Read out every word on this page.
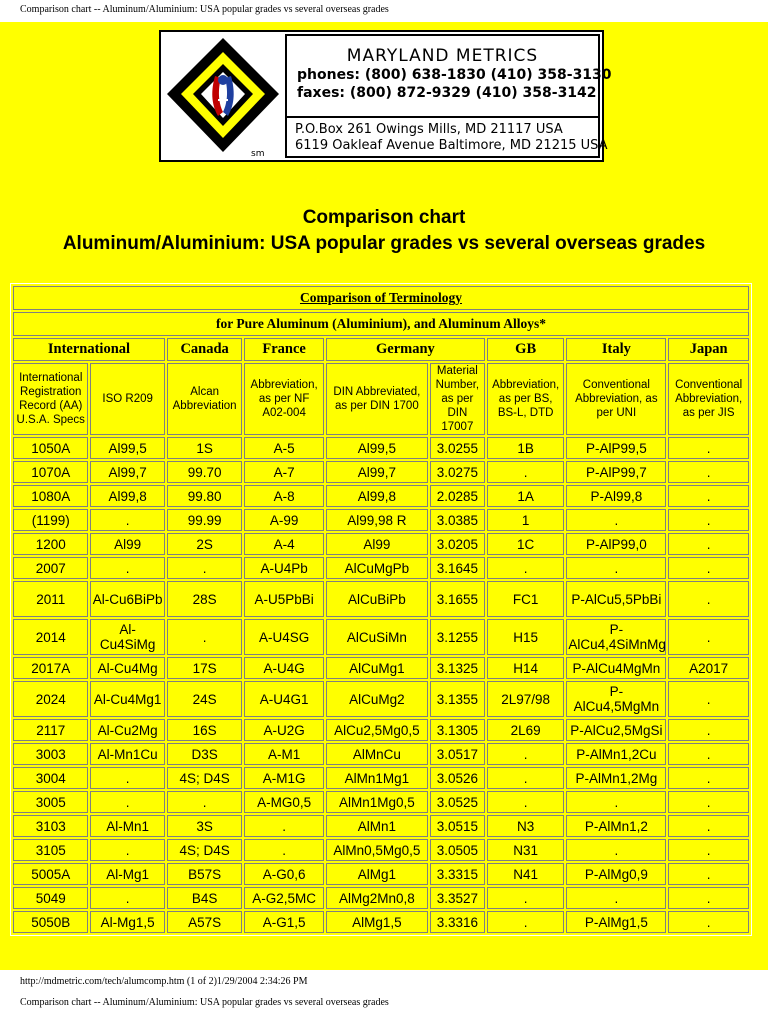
Comparison chart -- Aluminum/Aluminium: USA popular grades vs several overseas grades
sm
MARYLAND METRICS
phones: (800) 638-1830 (410) 358-3130
faxes: (800) 872-9329 (410) 358-3142
P.O.Box 261 Owings Mills, MD 21117 USA
6119 Oakleaf Avenue Baltimore, MD 21215 USA
Comparison chart
Aluminum/Aluminium: USA popular grades vs several overseas grades
Comparison of Terminology								
for Pure Aluminum (Aluminium), and Aluminum Alloys*								
International		Canada	France	Germany		GB	Italy	Japan
International Registration Record (AA) U.S.A. Specs	ISO R209	Alcan Abbreviation	Abbreviation, as per NF A02-004	DIN Abbreviated, as per DIN 1700	Material Number, as per DIN 17007	Abbreviation, as per BS, BS-L, DTD	Conventional Abbreviation, as per UNI	Conventional Abbreviation, as per JIS
1050A	Al99,5	1S	A-5	Al99,5	3.0255	1B	P-AlP99,5	.
1070A	Al99,7	99.70	A-7	Al99,7	3.0275	.	P-AlP99,7	.
1080A	Al99,8	99.80	A-8	Al99,8	2.0285	1A	P-Al99,8	.
(1199)	.	99.99	A-99	Al99,98 R	3.0385	1	.	.
1200	Al99	2S	A-4	Al99	3.0205	1C	P-AlP99,0	.
2007	.	.	A-U4Pb	AlCuMgPb	3.1645	.	.	.
2011	Al-Cu6BiPb	28S	A-U5PbBi	AlCuBiPb	3.1655	FC1	P-AlCu5,5PbBi	.
2014	Al-Cu4SiMg	.	A-U4SG	AlCuSiMn	3.1255	H15	P-AlCu4,4SiMnMg	.
2017A	Al-Cu4Mg	17S	A-U4G	AlCuMg1	3.1325	H14	P-AlCu4MgMn	A2017
2024	Al-Cu4Mg1	24S	A-U4G1	AlCuMg2	3.1355	2L97/98	P-AlCu4,5MgMn	.
2117	Al-Cu2Mg	16S	A-U2G	AlCu2,5Mg0,5	3.1305	2L69	P-AlCu2,5MgSi	.
3003	Al-Mn1Cu	D3S	A-M1	AlMnCu	3.0517	.	P-AlMn1,2Cu	.
3004	.	4S; D4S	A-M1G	AlMn1Mg1	3.0526	.	P-AlMn1,2Mg	.
3005	.	.	A-MG0,5	AlMn1Mg0,5	3.0525	.	.	.
3103	Al-Mn1	3S	.	AlMn1	3.0515	N3	P-AlMn1,2	.
3105	.	4S; D4S	.	AlMn0,5Mg0,5	3.0505	N31	.	.
5005A	Al-Mg1	B57S	A-G0,6	AlMg1	3.3315	N41	P-AlMg0,9	.
5049	.	B4S	A-G2,5MC	AlMg2Mn0,8	3.3527	.	.	.
5050B	Al-Mg1,5	A57S	A-G1,5	AlMg1,5	3.3316	.	P-AlMg1,5	.
http://mdmetric.com/tech/alumcomp.htm (1 of 2)1/29/2004 2:34:26 PM
Comparison chart -- Aluminum/Aluminium: USA popular grades vs several overseas grades
